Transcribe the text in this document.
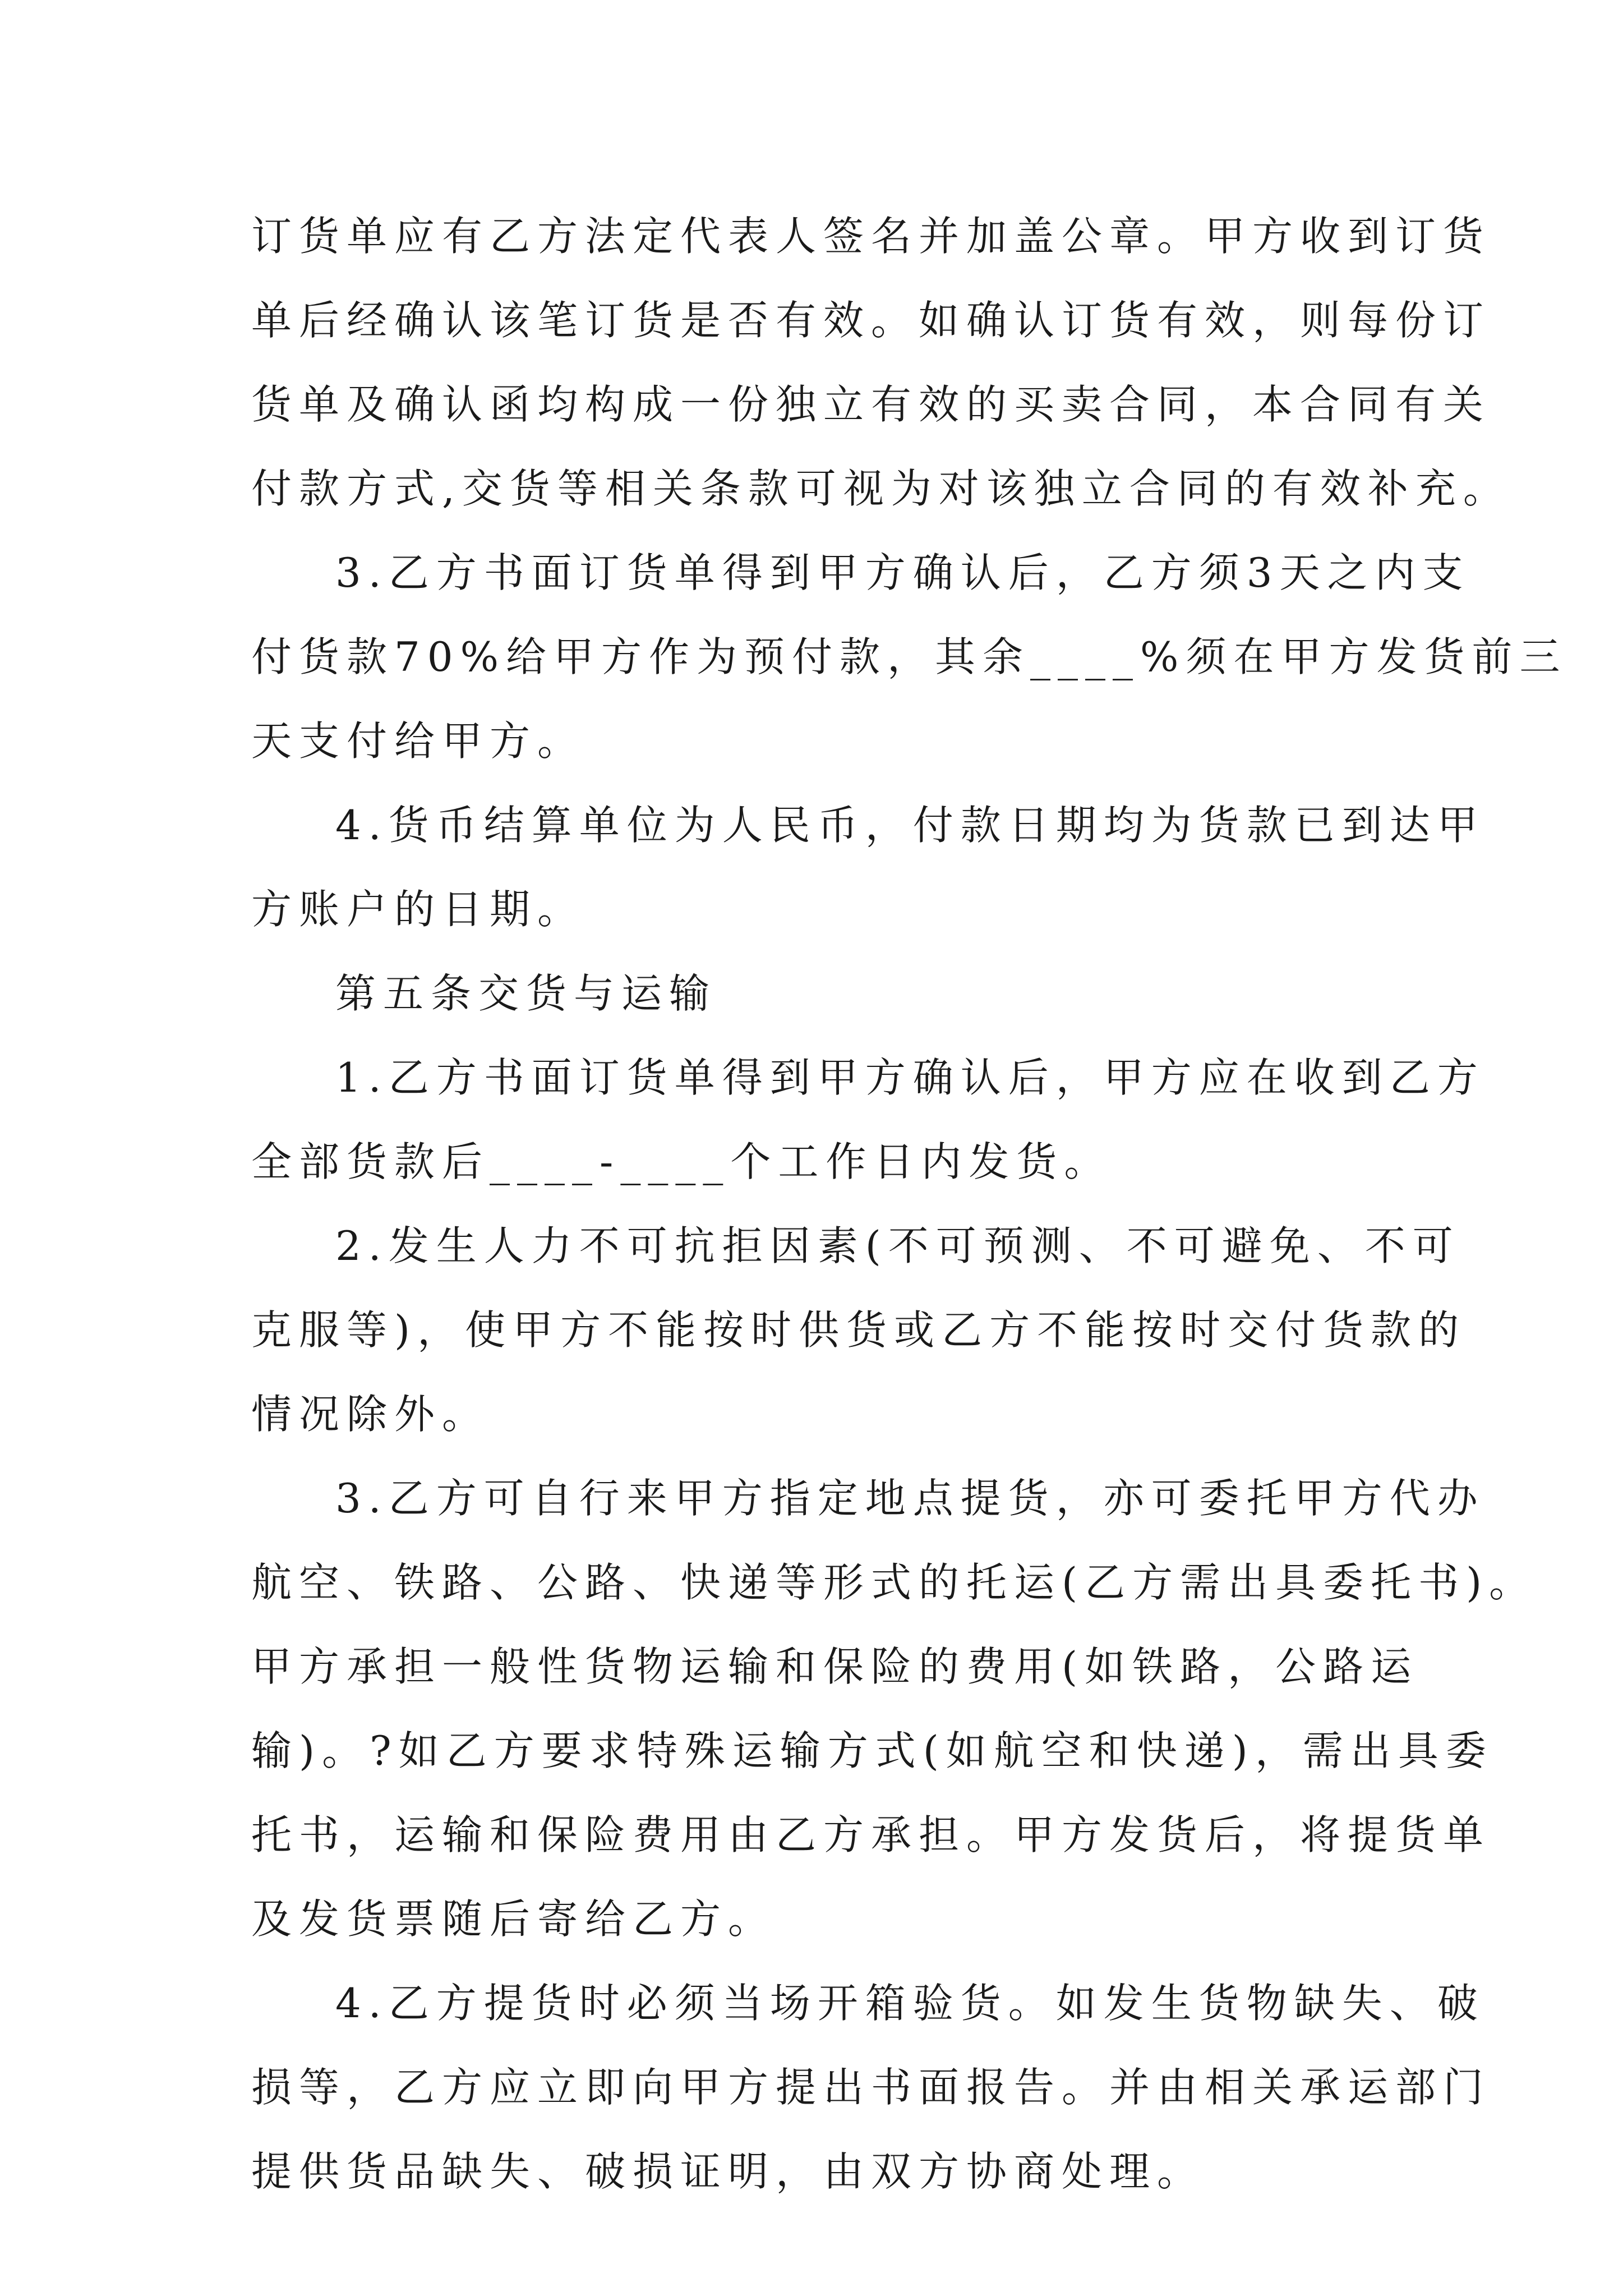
订货单应有乙方法定代表人签名并加盖公章。甲方收到订货
单后经确认该笔订货是否有效。如确认订货有效，则每份订
货单及确认函均构成一份独立有效的买卖合同，本合同有关
付款方式,交货等相关条款可视为对该独立合同的有效补充。
3.乙方书面订货单得到甲方确认后，乙方须3天之内支
付货款70%给甲方作为预付款，其余____%须在甲方发货前三
天支付给甲方。
4.货币结算单位为人民币，付款日期均为货款已到达甲
方账户的日期。
第五条交货与运输
1.乙方书面订货单得到甲方确认后，甲方应在收到乙方
全部货款后____-____个工作日内发货。
2.发生人力不可抗拒因素(不可预测、不可避免、不可
克服等)，使甲方不能按时供货或乙方不能按时交付货款的
情况除外。
3.乙方可自行来甲方指定地点提货，亦可委托甲方代办
航空、铁路、公路、快递等形式的托运(乙方需出具委托书)。
甲方承担一般性货物运输和保险的费用(如铁路，公路运
输)。?如乙方要求特殊运输方式(如航空和快递)，需出具委
托书，运输和保险费用由乙方承担。甲方发货后，将提货单
及发货票随后寄给乙方。
4.乙方提货时必须当场开箱验货。如发生货物缺失、破
损等，乙方应立即向甲方提出书面报告。并由相关承运部门
提供货品缺失、破损证明，由双方协商处理。
